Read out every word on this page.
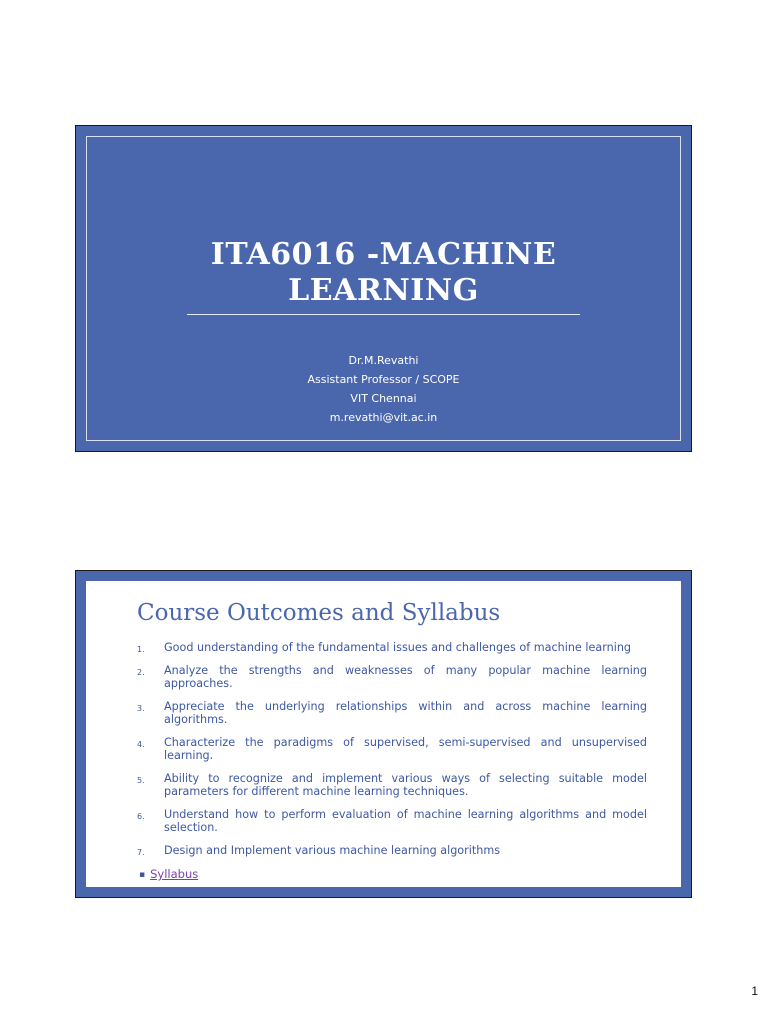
ITA6016 -MACHINE
LEARNING
Dr.M.Revathi
Assistant Professor / SCOPE
VIT Chennai
m.revathi@vit.ac.in
Course Outcomes and Syllabus
1. Good understanding of the fundamental issues and challenges of machine learning
2. Analyze the strengths and weaknesses of many popular machine learning approaches.
3. Appreciate the underlying relationships within and across machine learning algorithms.
4. Characterize the paradigms of supervised, semi-supervised and unsupervised learning.
5. Ability to recognize and implement various ways of selecting suitable model parameters for different machine learning techniques.
6. Understand how to perform evaluation of machine learning algorithms and model selection.
7. Design and Implement various machine learning algorithms
▪ Syllabus
1
